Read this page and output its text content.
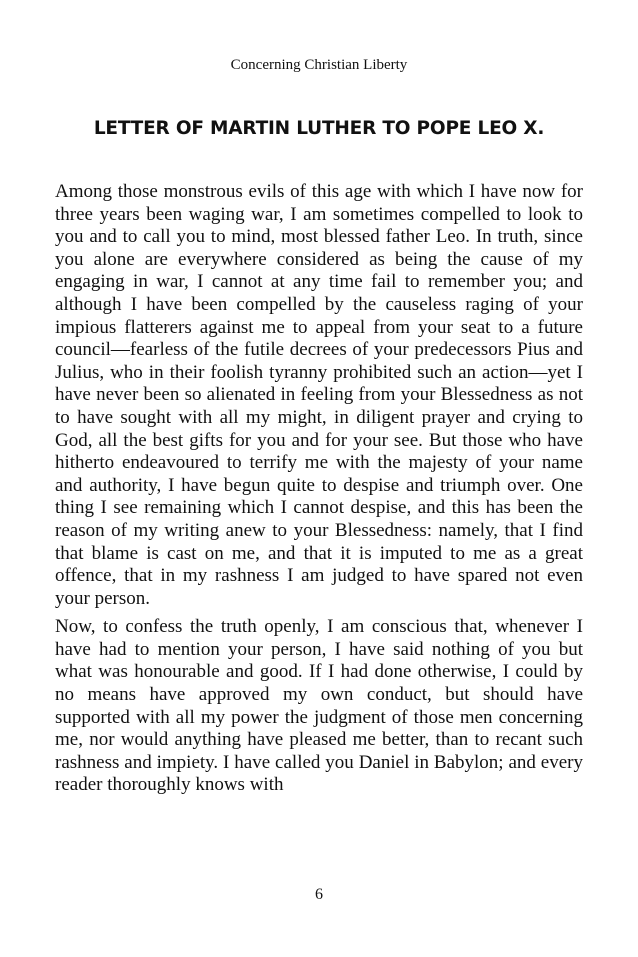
Concerning Christian Liberty
LETTER OF MARTIN LUTHER TO POPE LEO X.

Among those monstrous evils of this age with which I have now for three years been waging war, I am sometimes compelled to look to you and to call you to mind, most blessed father Leo. In truth, since you alone are everywhere considered as being the cause of my engaging in war, I cannot at any time fail to remember you; and although I have been compelled by the causeless raging of your impious flatterers against me to appeal from your seat to a future council—fearless of the futile decrees of your predecessors Pius and Julius, who in their foolish tyranny prohibited such an action—yet I have never been so alienated in feeling from your Blessedness as not to have sought with all my might, in diligent prayer and crying to God, all the best gifts for you and for your see. But those who have hitherto endeavoured to terrify me with the majesty of your name and authority, I have begun quite to despise and triumph over. One thing I see remaining which I cannot despise, and this has been the reason of my writing anew to your Blessedness: namely, that I find that blame is cast on me, and that it is imputed to me as a great offence, that in my rashness I am judged to have spared not even your person.

Now, to confess the truth openly, I am conscious that, whenever I have had to mention your person, I have said nothing of you but what was honourable and good. If I had done otherwise, I could by no means have approved my own conduct, but should have supported with all my power the judgment of those men concerning me, nor would anything have pleased me better, than to recant such rashness and impiety. I have called you Daniel in Babylon; and every reader thoroughly knows with

6
